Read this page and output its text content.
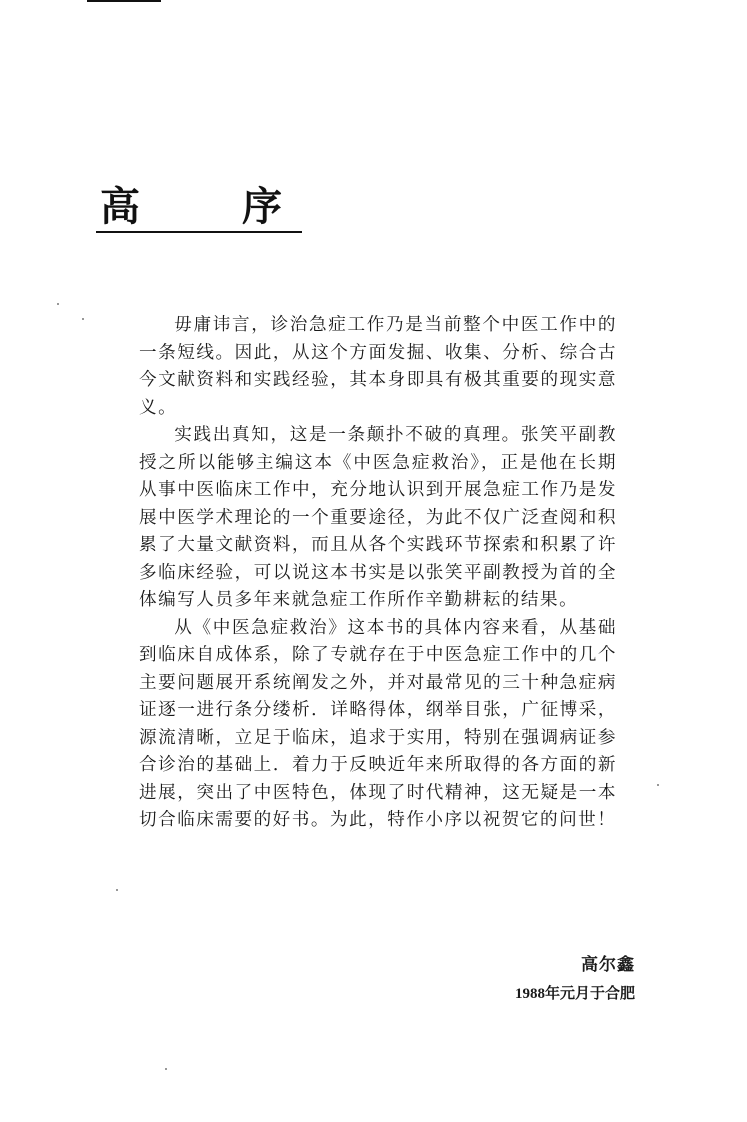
高	序

毋庸讳言，诊治急症工作乃是当前整个中医工作中的一条短线。因此，从这个方面发掘、收集、分析、综合古今文献资料和实践经验，其本身即具有极其重要的现实意义。

实践出真知，这是一条颠扑不破的真理。张笑平副教授之所以能够主编这本《中医急症救治》，正是他在长期从事中医临床工作中，充分地认识到开展急症工作乃是发展中医学术理论的一个重要途径，为此不仅广泛查阅和积累了大量文献资料，而且从各个实践环节探索和积累了许多临床经验，可以说这本书实是以张笑平副教授为首的全体编写人员多年来就急症工作所作辛勤耕耘的结果。

从《中医急症救治》这本书的具体内容来看，从基础到临床自成体系，除了专就存在于中医急症工作中的几个主要问题展开系统阐发之外，并对最常见的三十种急症病证逐一进行条分缕析．详略得体，纲举目张，广征博采，源流清晰，立足于临床，追求于实用，特别在强调病证参合诊治的基础上．着力于反映近年来所取得的各方面的新进展，突出了中医特色，体现了时代精神，这无疑是一本切合临床需要的好书。为此，特作小序以祝贺它的问世！

高尔鑫
1988年元月于合肥
